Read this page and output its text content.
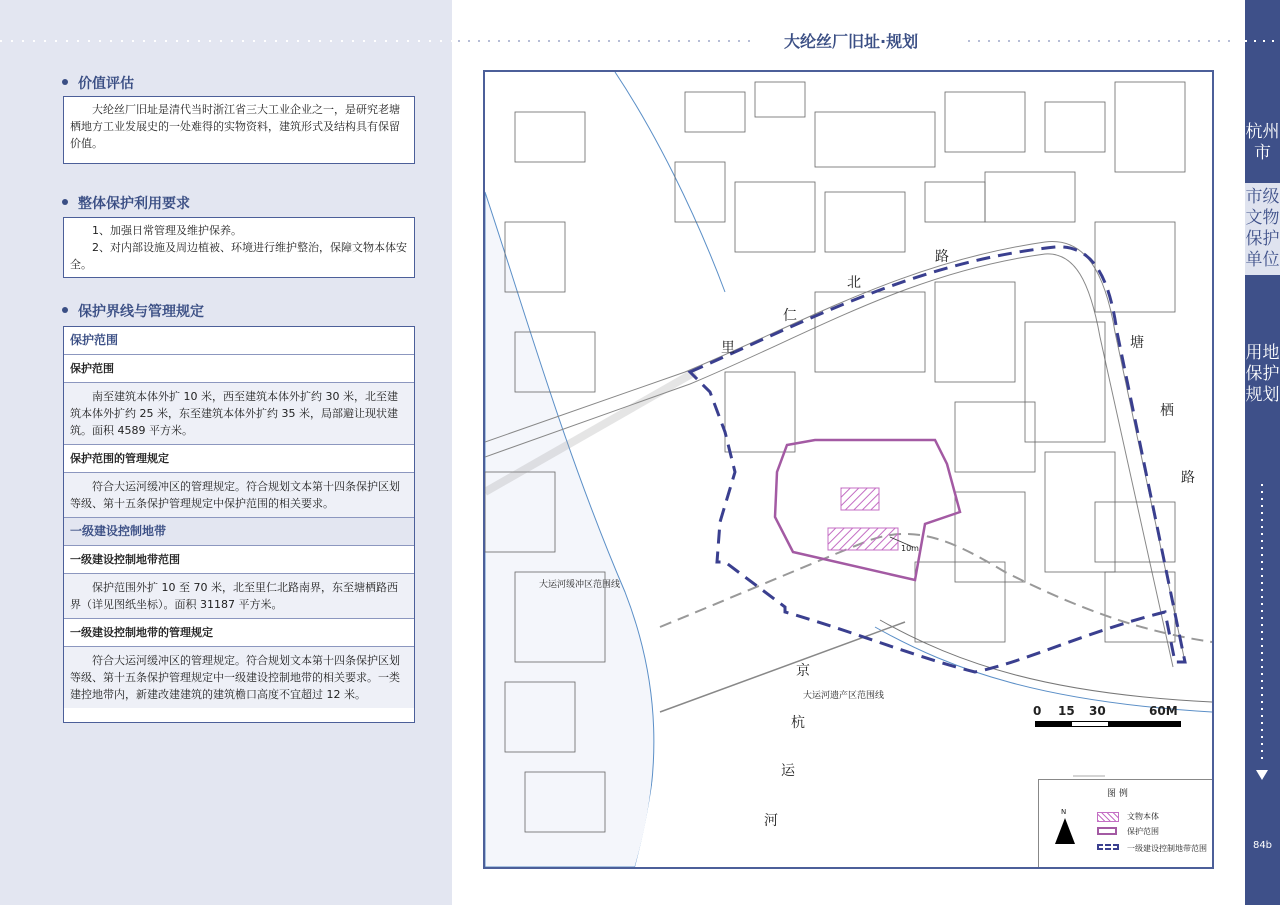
价值评估
大纶丝厂旧址是清代当时浙江省三大工业企业之一，是研究老塘栖地方工业发展史的一处难得的实物资料，建筑形式及结构具有保留价值。
整体保护利用要求
1、加强日常管理及维护保养。
2、对内部设施及周边植被、环境进行维护整治，保障文物本体安全。
保护界线与管理规定
保护范围
保护范围
南至建筑本体外扩 10 米，西至建筑本体外扩约 30 米，北至建筑本体外扩约 25 米，东至建筑本体外扩约 35 米，局部避让现状建筑。面积 4589 平方米。
保护范围的管理规定
符合大运河缓冲区的管理规定。符合规划文本第十四条保护区划等级、第十五条保护管理规定中保护范围的相关要求。
一级建设控制地带
一级建设控制地带范围
保护范围外扩 10 至 70 米，北至里仁北路南界，东至塘栖路西界（详见图纸坐标）。面积 31187 平方米。
一级建设控制地带的管理规定
符合大运河缓冲区的管理规定。符合规划文本第十四条保护区划等级、第十五条保护管理规定中一级建设控制地带的相关要求。一类建控地带内，新建改建建筑的建筑檐口高度不宜超过 12 米。
大纶丝厂旧址·规划
里
仁
北
路
塘
栖
路
京
杭
运
河
大运河缓冲区范围线
大运河遗产区范围线
10m
0 15 30	60M
图 例
N	文物本体
保护范围
一级建设控制地带范围
杭州市
市级文物保护单位
用地保护规划
84b
